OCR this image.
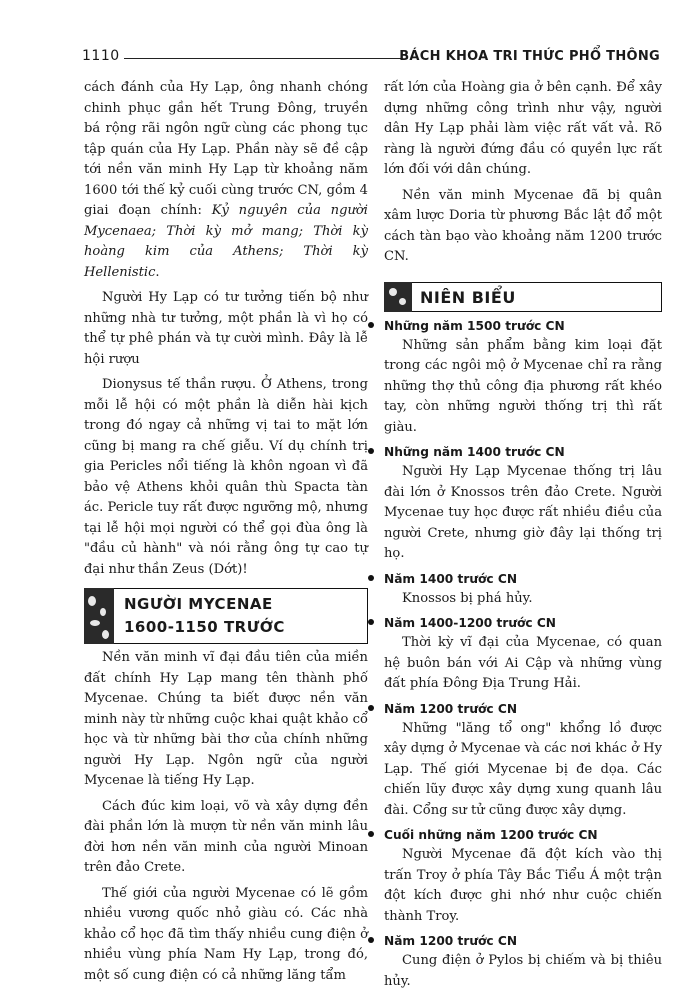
1110	BÁCH KHOA TRI THỨC PHỔ THÔNG

cách đánh của Hy Lạp, ông nhanh chóng chinh phục gần hết Trung Đông, truyền bá rộng rãi ngôn ngữ cùng các phong tục tập quán của Hy Lạp. Phần này sẽ đề cập tới nền văn minh Hy Lạp từ khoảng năm 1600 tới thế kỷ cuối cùng trước CN, gồm 4 giai đoạn chính: Kỷ nguyên của người Mycenaea; Thời kỳ mở mang; Thời kỳ hoàng kim của Athens; Thời kỳ Hellenistic.

Người Hy Lạp có tư tưởng tiến bộ như những nhà tư tưởng, một phần là vì họ có thể tự phê phán và tự cười mình. Đây là lễ hội rượu

Dionysus tế thần rượu. Ở Athens, trong mỗi lễ hội có một phần là diễn hài kịch trong đó ngay cả những vị tai to mặt lớn cũng bị mang ra chế giễu. Ví dụ chính trị gia Pericles nổi tiếng là khôn ngoan vì đã bảo vệ Athens khỏi quân thù Spacta tàn ác. Pericle tuy rất được ngưỡng mộ, nhưng tại lễ hội mọi người có thể gọi đùa ông là "đầu củ hành" và nói rằng ông tự cao tự đại như thần Zeus (Dớt)!

NGƯỜI MYCENAE
1600-1150 TRƯỚC

Nền văn minh vĩ đại đầu tiên của miền đất chính Hy Lạp mang tên thành phố Mycenae. Chúng ta biết được nền văn minh này từ những cuộc khai quật khảo cổ học và từ những bài thơ của chính những người Hy Lạp. Ngôn ngữ của người Mycenae là tiếng Hy Lạp.

Cách đúc kim loại, võ và xây dựng đền đài phần lớn là mượn từ nền văn minh lâu đời hơn nền văn minh của người Minoan trên đảo Crete.

Thế giới của người Mycenae có lẽ gồm nhiều vương quốc nhỏ giàu có. Các nhà khảo cổ học đã tìm thấy nhiều cung điện ở nhiều vùng phía Nam Hy Lạp, trong đó, một số cung điện có cả những lăng tẩm

rất lớn của Hoàng gia ở bên cạnh. Để xây dựng những công trình như vậy, người dân Hy Lạp phải làm việc rất vất vả. Rõ ràng là người đứng đầu có quyền lực rất lớn đối với dân chúng.

Nền văn minh Mycenae đã bị quân xâm lược Doria từ phương Bắc lật đổ một cách tàn bạo vào khoảng năm 1200 trước CN.

NIÊN BIỂU
Những năm 1500 trước CN

Những sản phẩm bằng kim loại đặt trong các ngôi mộ ở Mycenae chỉ ra rằng những thợ thủ công địa phương rất khéo tay, còn những người thống trị thì rất giàu.

Những năm 1400 trước CN

Người Hy Lạp Mycenae thống trị lâu đài lớn ở Knossos trên đảo Crete. Người Mycenae tuy học được rất nhiều điều của người Crete, nhưng giờ đây lại thống trị họ.

Năm 1400 trước CN

Knossos bị phá hủy.

Năm 1400-1200 trước CN

Thời kỳ vĩ đại của Mycenae, có quan hệ buôn bán với Ai Cập và những vùng đất phía Đông Địa Trung Hải.

Năm 1200 trước CN

Những "lăng tổ ong" khổng lồ được xây dựng ở Mycenae và các nơi khác ở Hy Lạp. Thế giới Mycenae bị đe dọa. Các chiến lũy được xây dựng xung quanh lâu đài. Cổng sư tử cũng được xây dựng.

Cuối những năm 1200 trước CN

Người Mycenae đã đột kích vào thị trấn Troy ở phía Tây Bắc Tiểu Á một trận đột kích được ghi nhớ như cuộc chiến thành Troy.

Năm 1200 trước CN

Cung điện ở Pylos bị chiếm và bị thiêu hủy.
